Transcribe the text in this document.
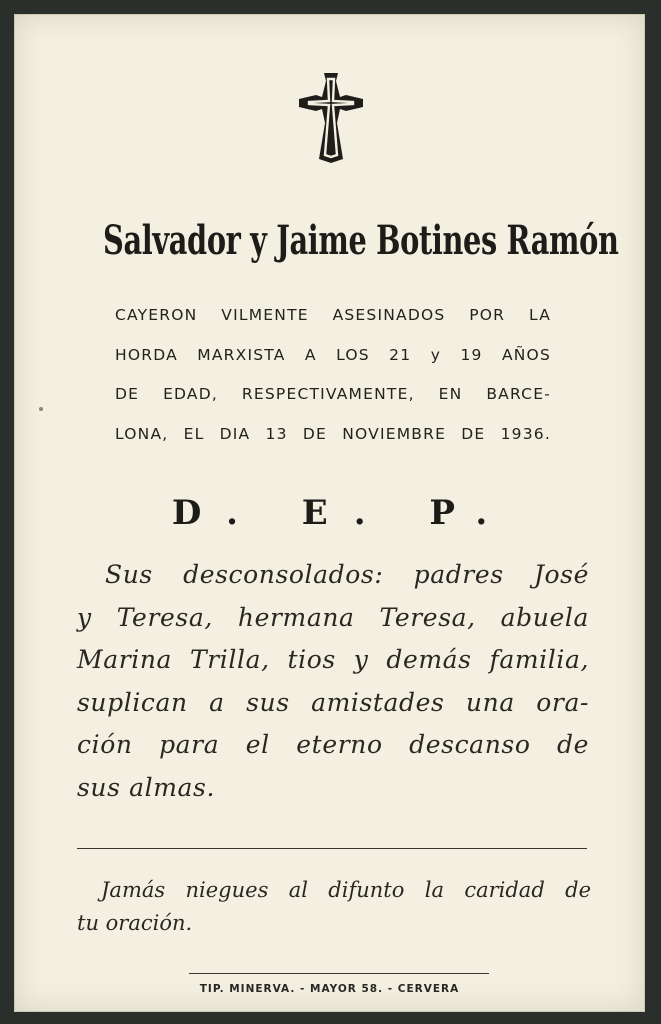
Salvador y Jaime Botines Ramón
CAYERON VILMENTE ASESINADOS POR LA
HORDA MARXISTA A LOS 21 y 19 AÑOS
DE EDAD, RESPECTIVAMENTE, EN BARCE-
LONA, EL DIA 13 DE NOVIEMBRE DE 1936.
D. E. P.
Sus desconsolados: padres José
y Teresa, hermana Teresa, abuela
Marina Trilla, tios y demás familia,
suplican a sus amistades una ora-
ción para el eterno descanso de
sus almas.
Jamás niegues al difunto la caridad de
tu oración.
TIP. MINERVA. - MAYOR 58. - CERVERA
